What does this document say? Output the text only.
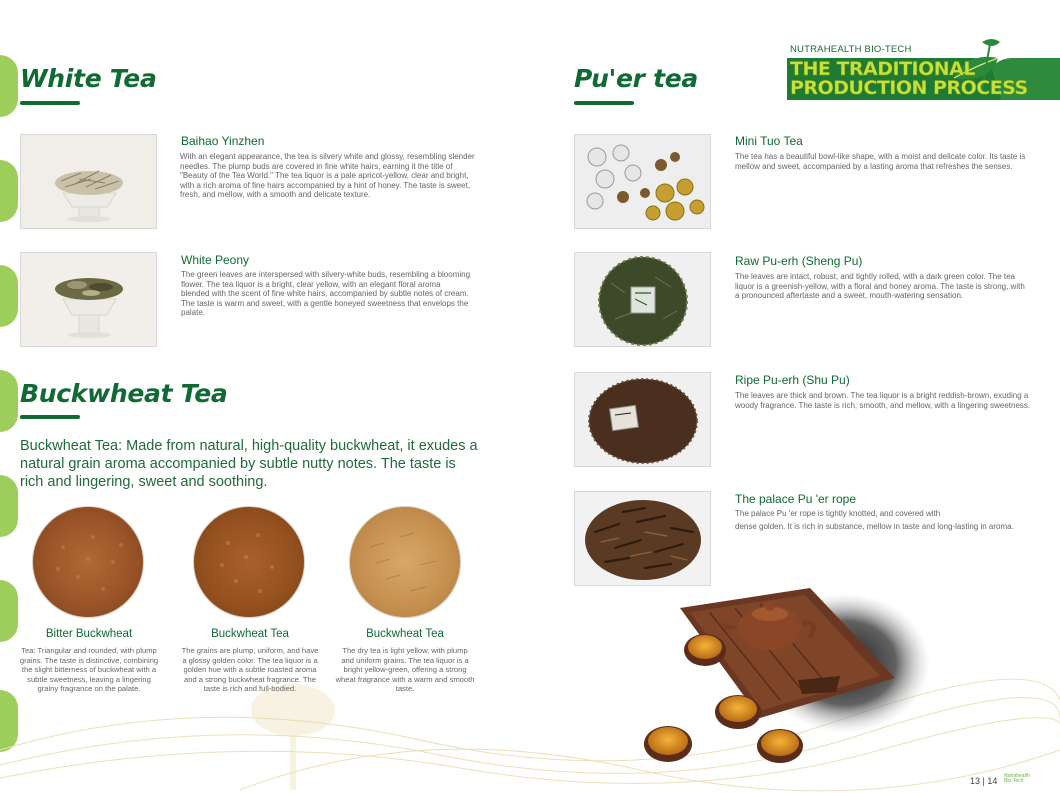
White Tea
Baihao Yinzhen
With an elegant appearance, the tea is silvery white and glossy, resembling slender needles. The plump buds are covered in fine white hairs, earning it the title of "Beauty of the Tea World." The tea liquor is a pale apricot-yellow, clear and bright, with a rich aroma of fine hairs accompanied by a hint of honey. The taste is sweet, fresh, and mellow, with a smooth and delicate texture.
White Peony
The green leaves are interspersed with silvery-white buds, resembling a blooming flower. The tea liquor is a bright, clear yellow, with an elegant floral aroma blended with the scent of fine white hairs, accompanied by subtle notes of cream. The taste is warm and sweet, with a gentle honeyed sweetness that envelops the palate.
Buckwheat Tea
Buckwheat Tea: Made from natural, high-quality buckwheat, it exudes a natural grain aroma accompanied by subtle nutty notes. The taste is rich and lingering, sweet and soothing.
Bitter Buckwheat
Tea: Triangular and rounded, with plump grains. The taste is distinctive, combining the slight bitterness of buckwheat with a subtle sweetness, leaving a lingering grainy fragrance on the palate.
Buckwheat Tea
The grains are plump, uniform, and have a glossy golden color. The tea liquor is a golden hue with a subtle roasted aroma and a strong buckwheat fragrance. The taste is rich and full-bodied.
Buckwheat Tea
The dry tea is light yellow, with plump and uniform grains. The tea liquor is a bright yellow-green, offering a strong wheat fragrance with a warm and smooth taste.
NUTRAHEALTH BIO-TECH
THE TRADITIONAL
PRODUCTION PROCESS
Pu'er tea
Mini Tuo Tea
The tea has a beautiful bowl-like shape, with a moist and delicate color. Its taste is mellow and sweet, accompanied by a lasting aroma that refreshes the senses.
Raw Pu-erh (Sheng Pu)
The leaves are intact, robust, and tightly rolled, with a dark green color. The tea liquor is a greenish-yellow, with a floral and honey aroma. The taste is strong, with a pronounced aftertaste and a sweet, mouth-watering sensation.
Ripe Pu-erh (Shu Pu)
The leaves are thick and brown. The tea liquor is a bright reddish-brown, exuding a woody fragrance. The taste is rich, smooth, and mellow, with a lingering sweetness.
The palace Pu 'er rope
The palace Pu 'er rope is tightly knotted, and covered with
dense golden. It is rich in substance, mellow in taste and long-lasting in aroma.
13 | 14 Nutrahealth
Bio-Tech
